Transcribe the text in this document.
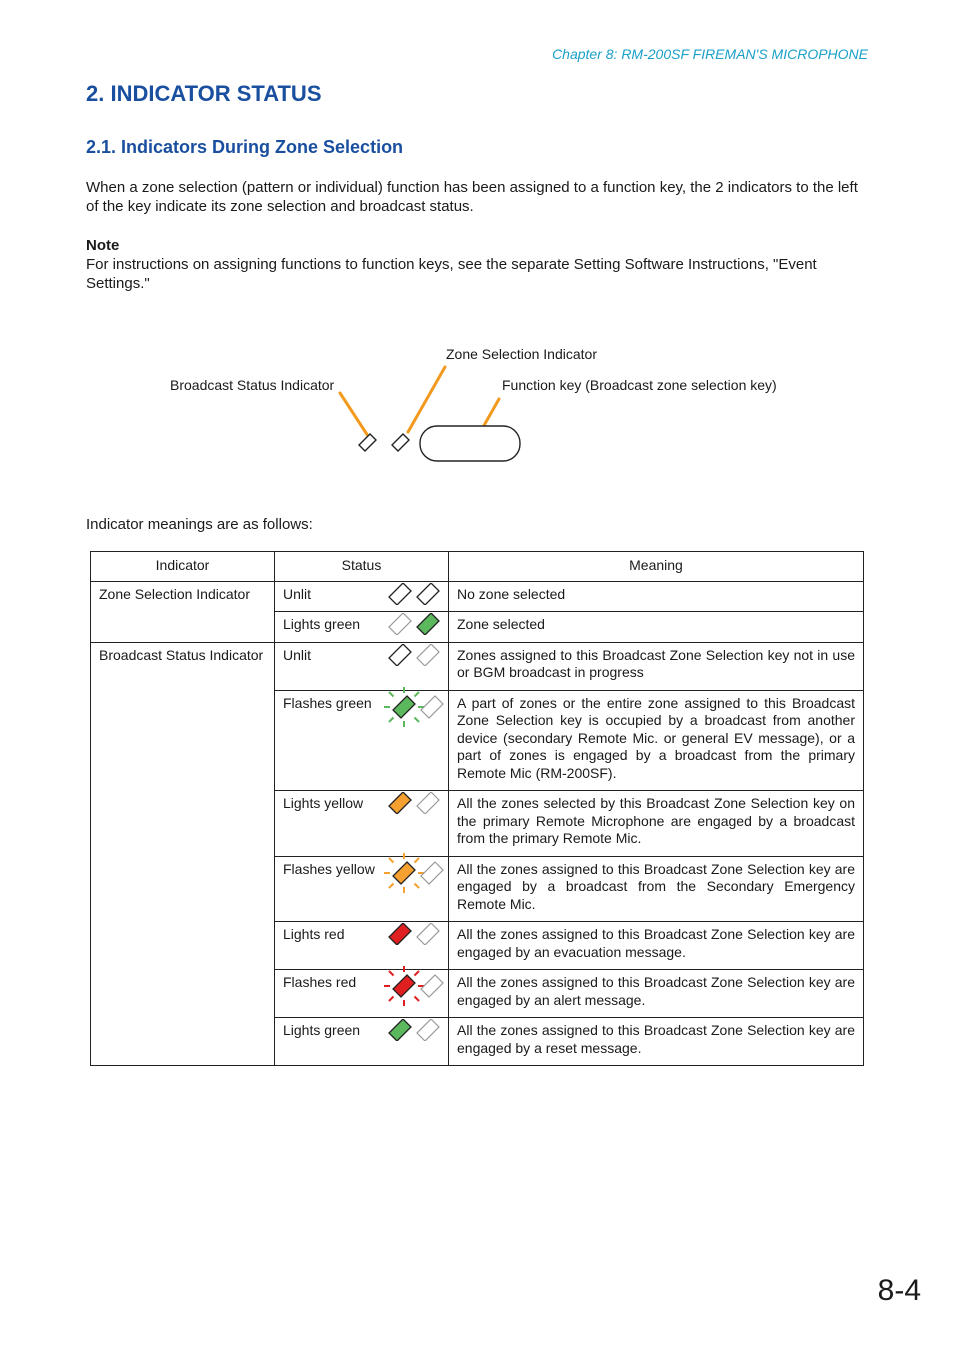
Chapter 8: RM-200SF FIREMAN'S MICROPHONE
2. INDICATOR STATUS
2.1. Indicators During Zone Selection
When a zone selection (pattern or individual) function has been assigned to a function key, the 2 indicators to the left of the key indicate its zone selection and broadcast status.
Note
For instructions on assigning functions to function keys, see the separate Setting Software Instructions, "Event Settings."
Zone Selection Indicator
Broadcast Status Indicator	Function key (Broadcast zone selection key)
Indicator meanings are as follows:
Indicator	Status	Meaning
Zone Selection Indicator	Unlit	No zone selected
	Lights green	Zone selected
Broadcast Status Indicator	Unlit	Zones assigned to this Broadcast Zone Selection key not in use or BGM broadcast in progress
	Flashes green	A part of zones or the entire zone assigned to this Broadcast Zone Selection key is occupied by a broadcast from another device (secondary Remote Mic. or general EV message), or a part of zones is engaged by a broadcast from the primary Remote Mic (RM-200SF).
	Lights yellow	All the zones selected by this Broadcast Zone Selection key on the primary Remote Microphone are engaged by a broadcast from the primary Remote Mic.
	Flashes yellow	All the zones assigned to this Broadcast Zone Selection key are engaged by a broadcast from the Secondary Emergency Remote Mic.
	Lights red	All the zones assigned to this Broadcast Zone Selection key are engaged by an evacuation message.
	Flashes red	All the zones assigned to this Broadcast Zone Selection key are engaged by an alert message.
	Lights green	All the zones assigned to this Broadcast Zone Selection key are engaged by a reset message.
8-4
